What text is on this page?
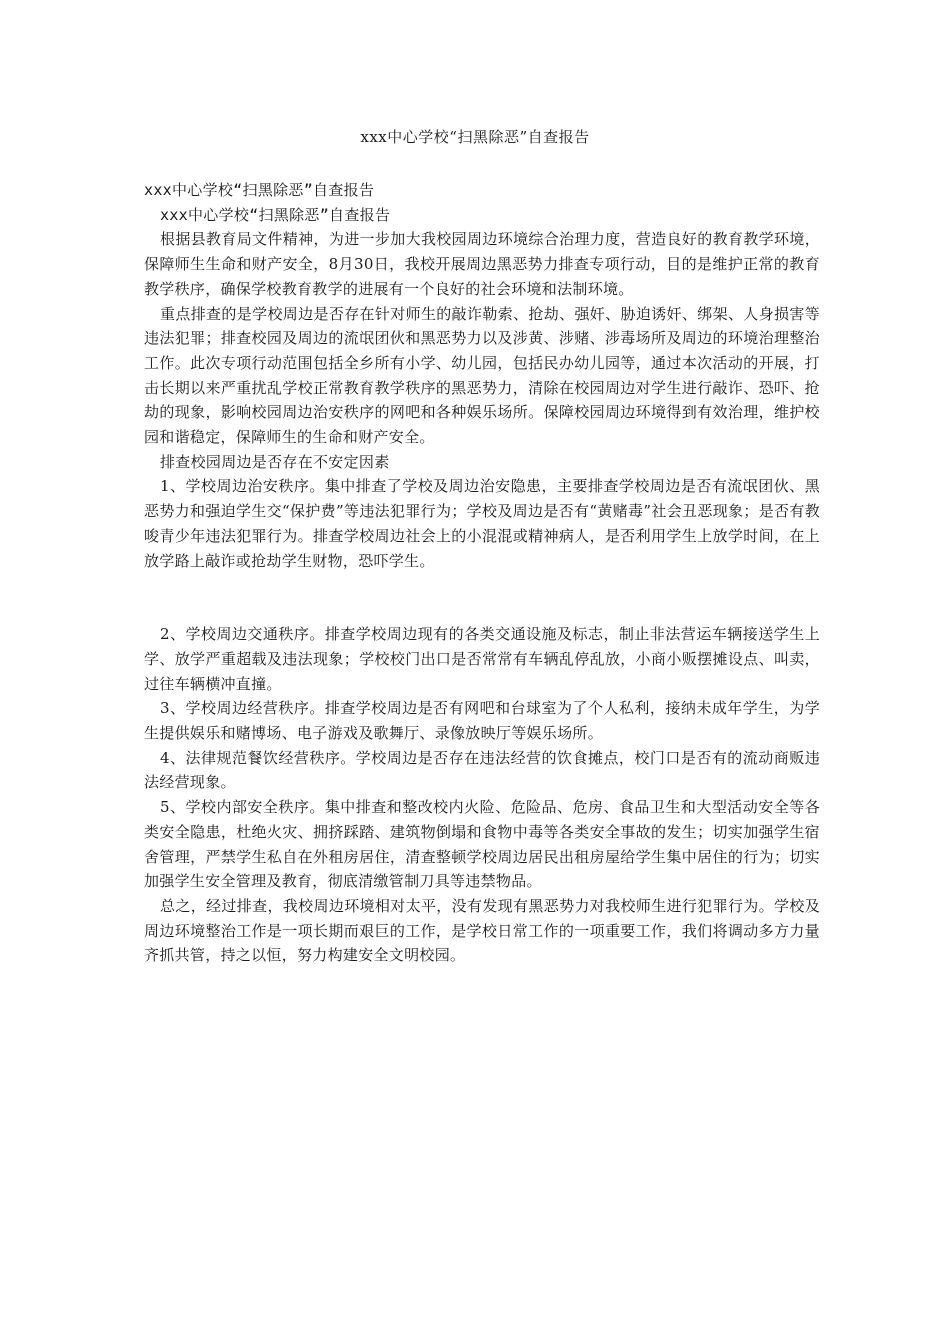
xxx中心学校“扫黑除恶”自查报告

xxx中心学校“扫黑除恶”自查报告

xxx中心学校“扫黑除恶”自查报告

根据县教育局文件精神，为进一步加大我校园周边环境综合治理力度，营造良好的教育教学环境，保障师生生命和财产安全，8月30日，我校开展周边黑恶势力排查专项行动，目的是维护正常的教育教学秩序，确保学校教育教学的进展有一个良好的社会环境和法制环境。

重点排查的是学校周边是否存在针对师生的敲诈勒索、抢劫、强奸、胁迫诱奸、绑架、人身损害等违法犯罪；排查校园及周边的流氓团伙和黑恶势力以及涉黄、涉赌、涉毒场所及周边的环境治理整治工作。此次专项行动范围包括全乡所有小学、幼儿园，包括民办幼儿园等，通过本次活动的开展，打击长期以来严重扰乱学校正常教育教学秩序的黑恶势力，清除在校园周边对学生进行敲诈、恐吓、抢劫的现象，影响校园周边治安秩序的网吧和各种娱乐场所。保障校园周边环境得到有效治理，维护校园和谐稳定，保障师生的生命和财产安全。

排查校园周边是否存在不安定因素

1、学校周边治安秩序。集中排查了学校及周边治安隐患，主要排查学校周边是否有流氓团伙、黑恶势力和强迫学生交“保护费”等违法犯罪行为；学校及周边是否有“黄赌毒”社会丑恶现象；是否有教唆青少年违法犯罪行为。排查学校周边社会上的小混混或精神病人，是否利用学生上放学时间，在上放学路上敲诈或抢劫学生财物，恐吓学生。

2、学校周边交通秩序。排查学校周边现有的各类交通设施及标志，制止非法营运车辆接送学生上学、放学严重超载及违法现象；学校校门出口是否常常有车辆乱停乱放，小商小贩摆摊设点、叫卖，过往车辆横冲直撞。

3、学校周边经营秩序。排查学校周边是否有网吧和台球室为了个人私利，接纳未成年学生，为学生提供娱乐和赌博场、电子游戏及歌舞厅、录像放映厅等娱乐场所。

4、法律规范餐饮经营秩序。学校周边是否存在违法经营的饮食摊点，校门口是否有的流动商贩违法经营现象。

5、学校内部安全秩序。集中排查和整改校内火险、危险品、危房、食品卫生和大型活动安全等各类安全隐患，杜绝火灾、拥挤踩踏、建筑物倒塌和食物中毒等各类安全事故的发生；切实加强学生宿舍管理，严禁学生私自在外租房居住，清查整顿学校周边居民出租房屋给学生集中居住的行为；切实加强学生安全管理及教育，彻底清缴管制刀具等违禁物品。

总之，经过排查，我校周边环境相对太平，没有发现有黑恶势力对我校师生进行犯罪行为。学校及周边环境整治工作是一项长期而艰巨的工作，是学校日常工作的一项重要工作，我们将调动多方力量齐抓共管，持之以恒，努力构建安全文明校园。
